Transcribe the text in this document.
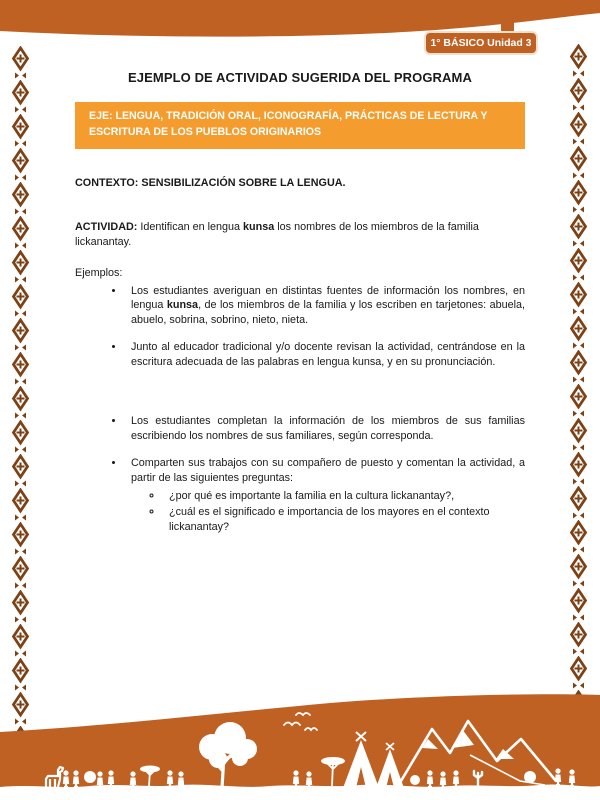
1° BÁSICO Unidad 3
EJEMPLO DE ACTIVIDAD SUGERIDA DEL PROGRAMA
EJE: LENGUA, TRADICIÓN ORAL, ICONOGRAFÍA, PRÁCTICAS DE LECTURA Y ESCRITURA DE LOS PUEBLOS ORIGINARIOS

CONTEXTO: SENSIBILIZACIÓN SOBRE LA LENGUA.

ACTIVIDAD: Identifican en lengua kunsa los nombres de los miembros de la familia lickanantay.

Ejemplos:

• Los estudiantes averiguan en distintas fuentes de información los nombres, en lengua kunsa, de los miembros de la familia y los escriben en tarjetones: abuela, abuelo, sobrina, sobrino, nieto, nieta.
• Junto al educador tradicional y/o docente revisan la actividad, centrándose en la escritura adecuada de las palabras en lengua kunsa, y en su pronunciación.
• Los estudiantes completan la información de los miembros de sus familias escribiendo los nombres de sus familiares, según corresponda.
• Comparten sus trabajos con su compañero de puesto y comentan la actividad, a partir de las siguientes preguntas:
◦ ¿por qué es importante la familia en la cultura lickanantay?,
◦ ¿cuál es el significado e importancia de los mayores en el contexto lickanantay?
